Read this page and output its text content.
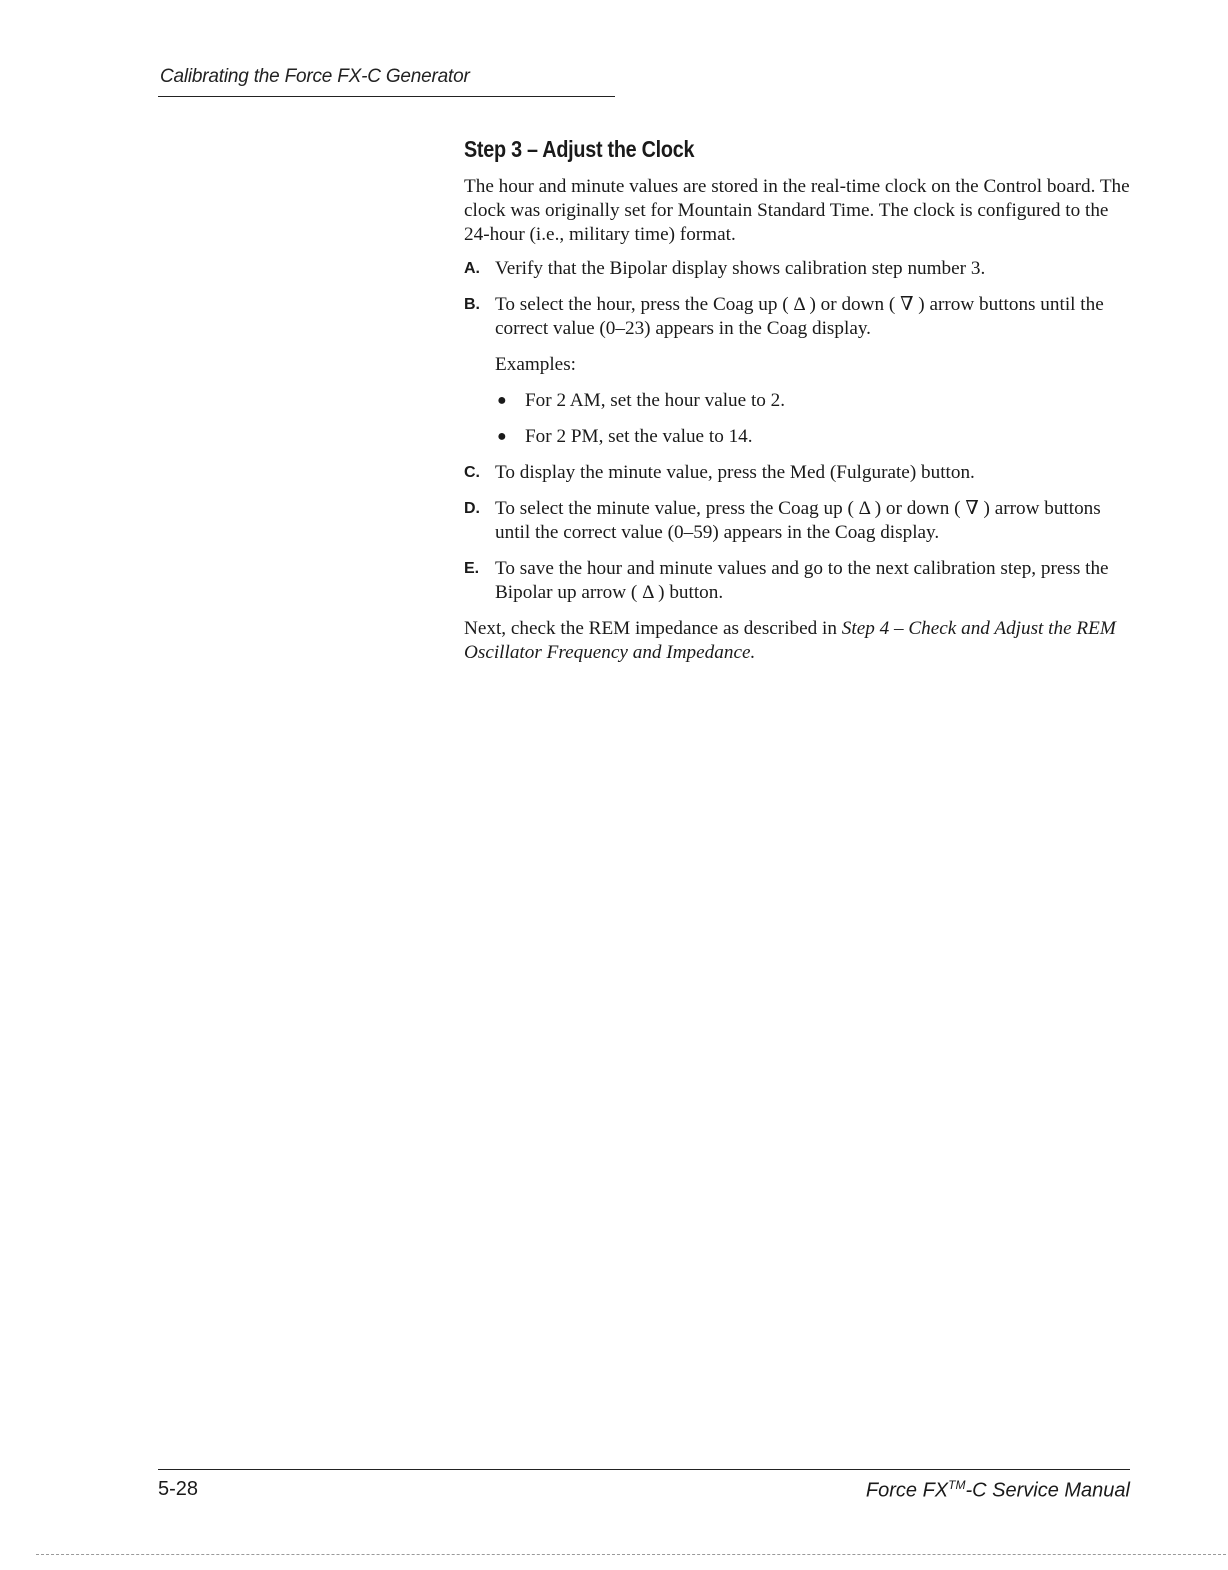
Calibrating the Force FX-C Generator
Step 3 – Adjust the Clock

The hour and minute values are stored in the real-time clock on the Control board. The clock was originally set for Mountain Standard Time. The clock is configured to the 24-hour (i.e., military time) format.

A. Verify that the Bipolar display shows calibration step number 3.
B. To select the hour, press the Coag up ( Δ ) or down ( ∇ ) arrow buttons until the correct value (0–23) appears in the Coag display.
Examples:
● For 2 AM, set the hour value to 2.
● For 2 PM, set the value to 14.
C. To display the minute value, press the Med (Fulgurate) button.
D. To select the minute value, press the Coag up ( Δ ) or down ( ∇ ) arrow buttons until the correct value (0–59) appears in the Coag display.
E. To save the hour and minute values and go to the next calibration step, press the Bipolar up arrow ( Δ ) button.

Next, check the REM impedance as described in Step 4 – Check and Adjust the REM Oscillator Frequency and Impedance.

5-28	Force FX™-C Service Manual
